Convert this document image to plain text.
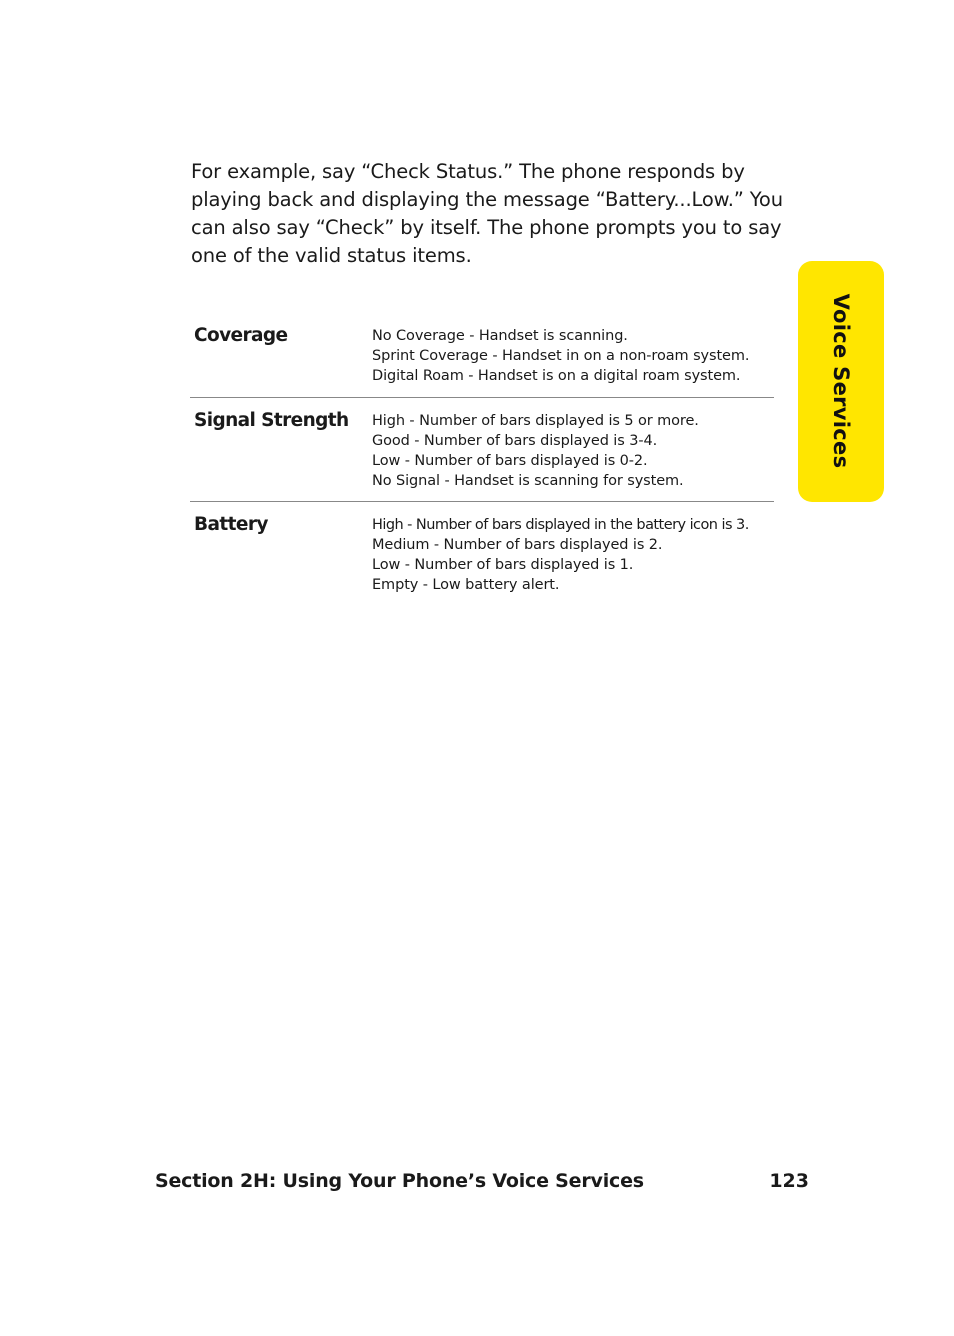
For example, say “Check Status.” The phone responds by playing back and displaying the message “Battery...Low.” You can also say “Check” by itself. The phone prompts you to say one of the valid status items.

Coverage	No Coverage - Handset is scanning.
Sprint Coverage - Handset in on a non-roam system.
Digital Roam - Handset is on a digital roam system.
Signal Strength	High - Number of bars displayed is 5 or more.
Good - Number of bars displayed is 3-4.
Low - Number of bars displayed is 0-2.
No Signal - Handset is scanning for system.
Battery	High - Number of bars displayed in the battery icon is 3.
Medium - Number of bars displayed is 2.
Low - Number of bars displayed is 1.
Empty - Low battery alert.
Voice Services
Section 2H: Using Your Phone’s Voice Services	123
